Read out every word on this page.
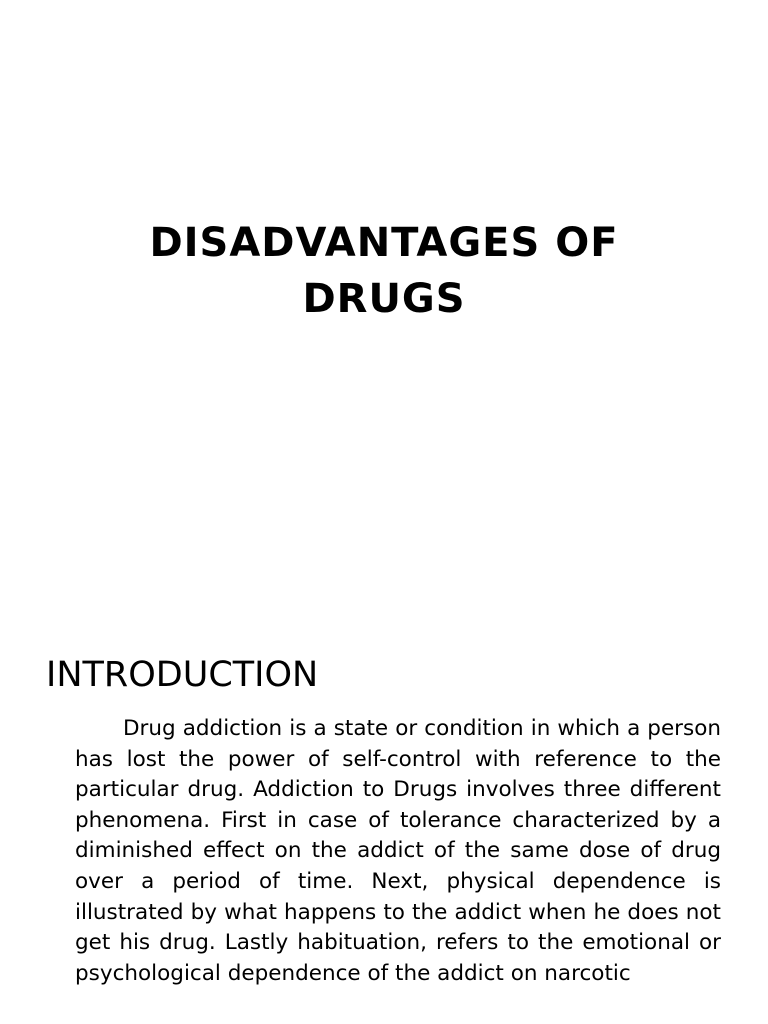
DISADVANTAGES OF
DRUGS
INTRODUCTION

Drug addiction is a state or condition in which a person has lost the power of self-control with reference to the particular drug. Addiction to Drugs involves three different phenomena. First in case of tolerance characterized by a diminished effect on the addict of the same dose of drug over a period of time. Next, physical dependence is illustrated by what happens to the addict when he does not get his drug. Lastly habituation, refers to the emotional or psychological dependence of the addict on narcotic
